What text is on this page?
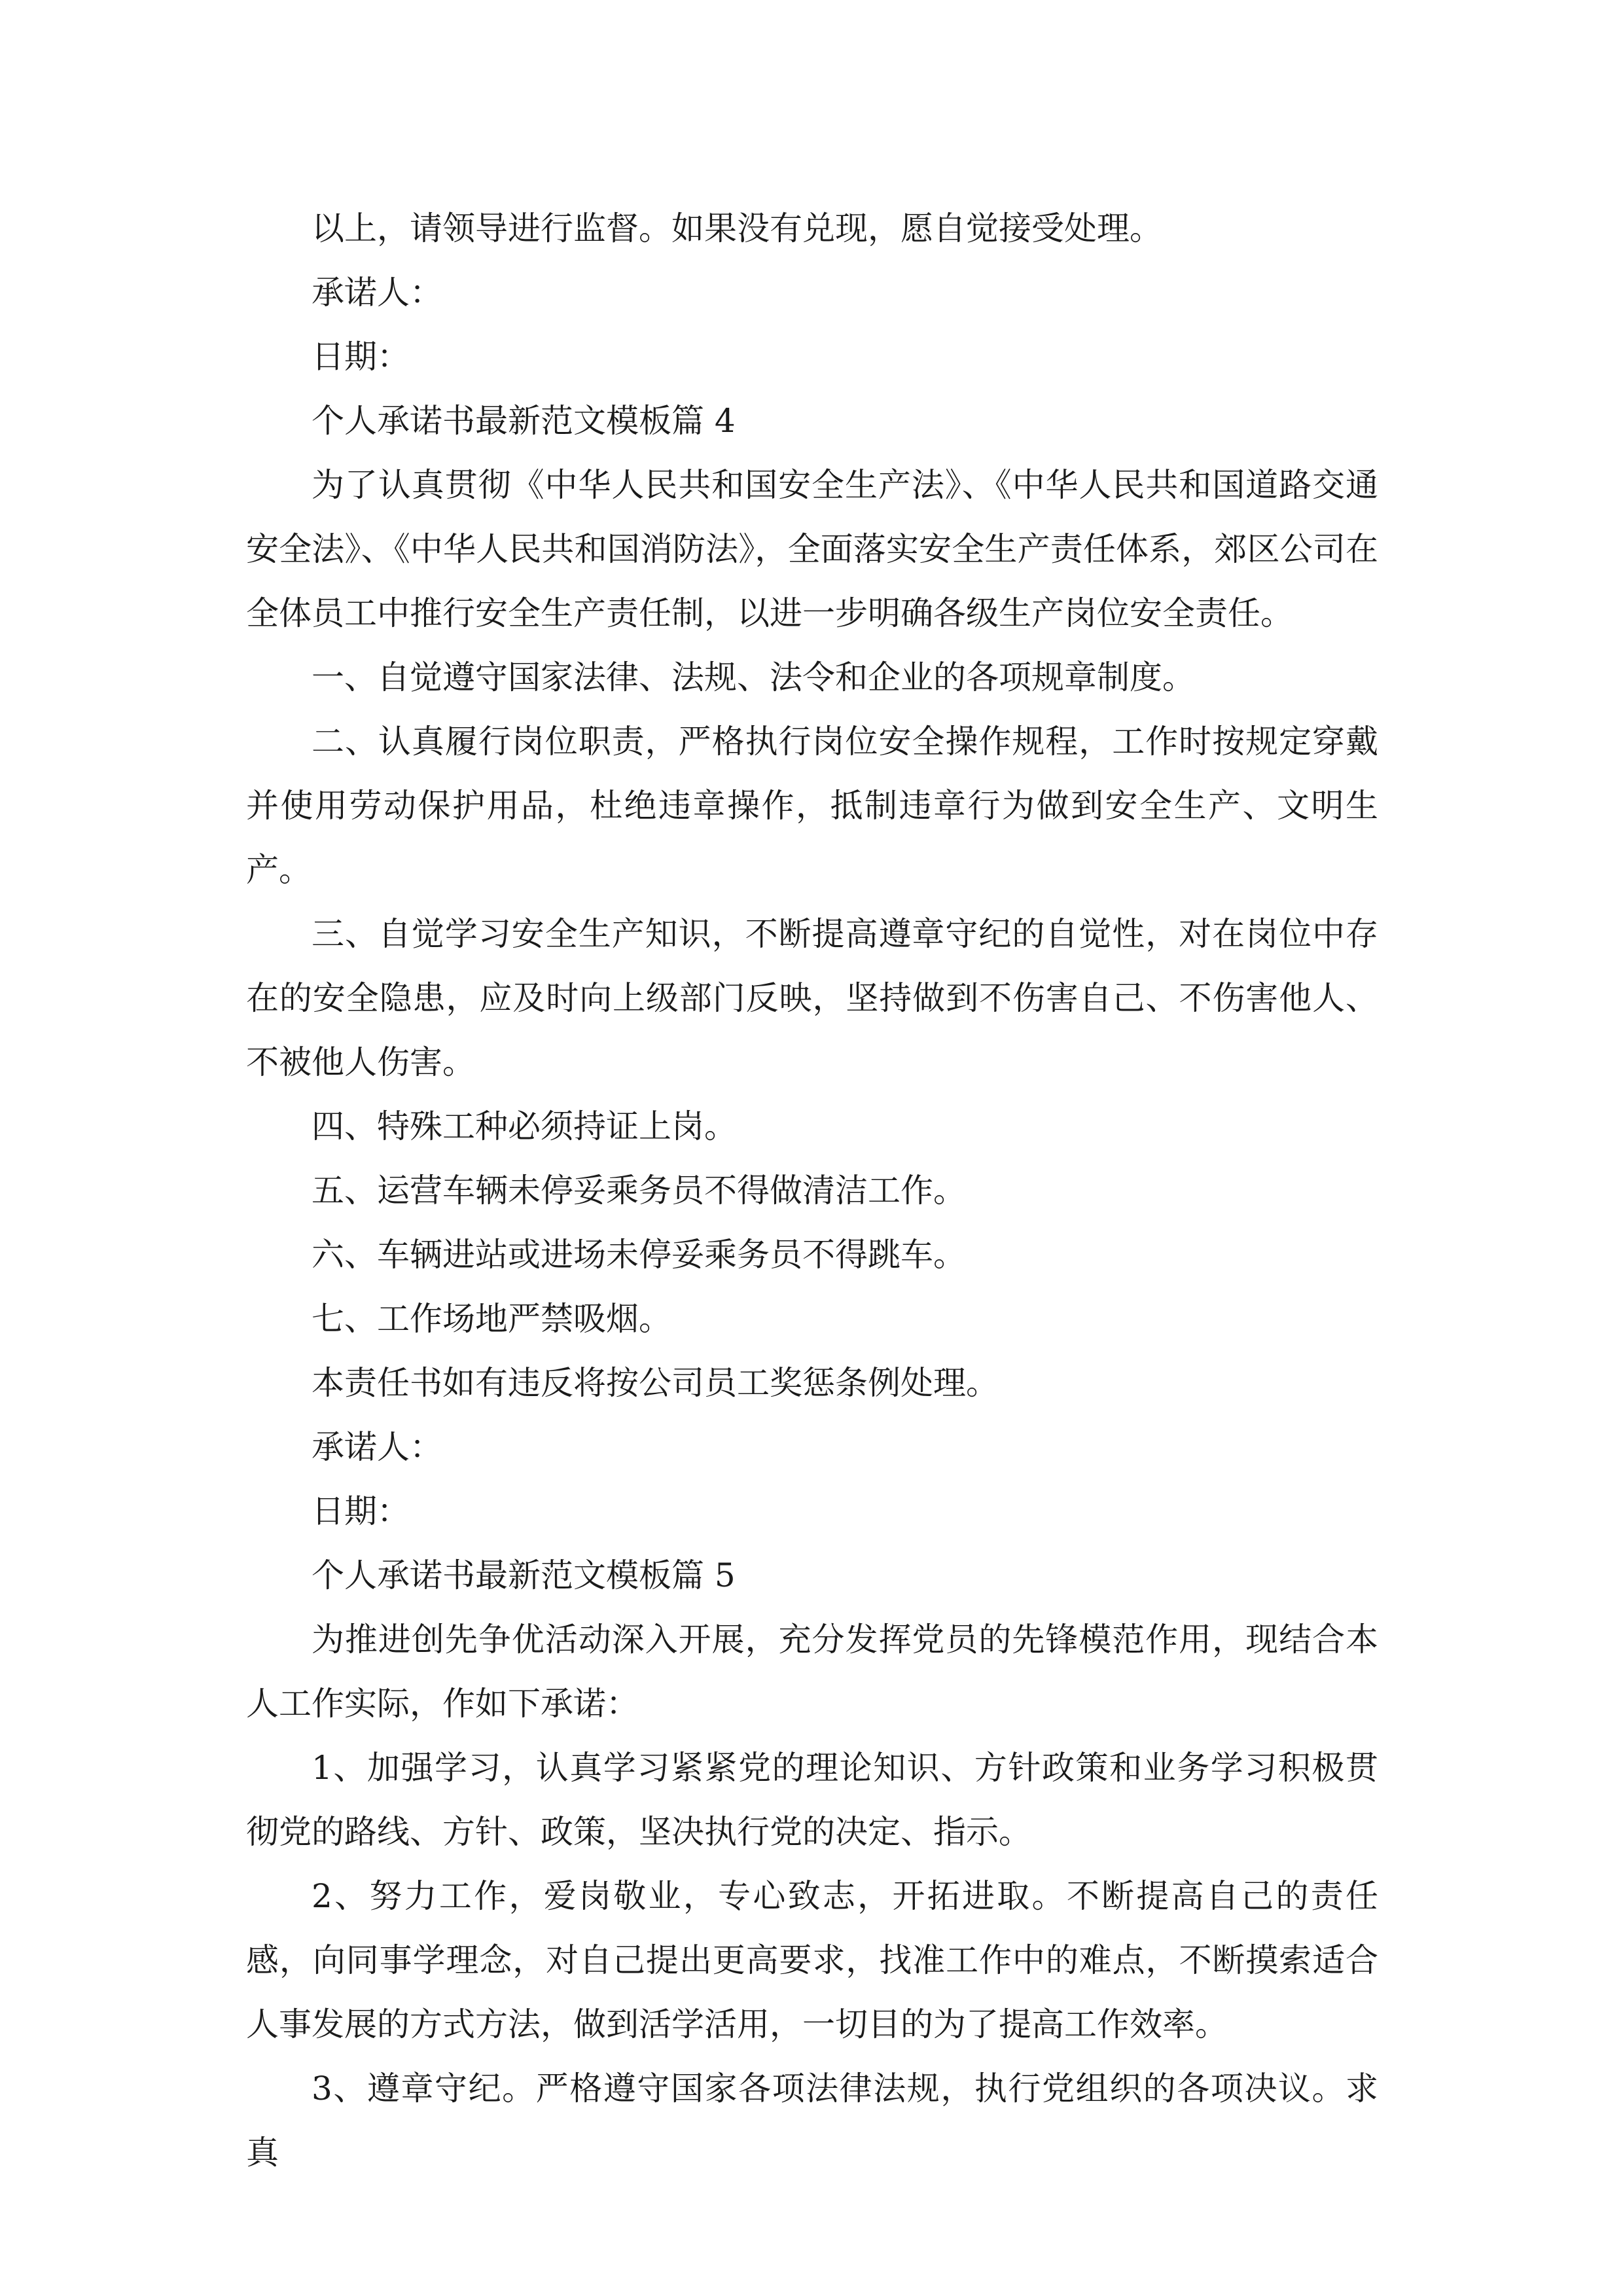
以上，请领导进行监督。如果没有兑现，愿自觉接受处理。

承诺人：

日期：

个人承诺书最新范文模板篇 4

为了认真贯彻《中华人民共和国安全生产法》、《中华人民共和国道路交通安全法》、《中华人民共和国消防法》，全面落实安全生产责任体系，郊区公司在全体员工中推行安全生产责任制，以进一步明确各级生产岗位安全责任。

一、自觉遵守国家法律、法规、法令和企业的各项规章制度。

二、认真履行岗位职责，严格执行岗位安全操作规程，工作时按规定穿戴并使用劳动保护用品，杜绝违章操作，抵制违章行为做到安全生产、文明生产。

三、自觉学习安全生产知识，不断提高遵章守纪的自觉性，对在岗位中存在的安全隐患，应及时向上级部门反映，坚持做到不伤害自己、不伤害他人、不被他人伤害。

四、特殊工种必须持证上岗。

五、运营车辆未停妥乘务员不得做清洁工作。

六、车辆进站或进场未停妥乘务员不得跳车。

七、工作场地严禁吸烟。

本责任书如有违反将按公司员工奖惩条例处理。

承诺人：

日期：

个人承诺书最新范文模板篇 5

为推进创先争优活动深入开展，充分发挥党员的先锋模范作用，现结合本人工作实际，作如下承诺：

1、加强学习，认真学习紧紧党的理论知识、方针政策和业务学习积极贯彻党的路线、方针、政策，坚决执行党的决定、指示。

2、努力工作，爱岗敬业，专心致志，开拓进取。不断提高自己的责任感，向同事学理念，对自己提出更高要求，找准工作中的难点，不断摸索适合人事发展的方式方法，做到活学活用，一切目的为了提高工作效率。

3、遵章守纪。严格遵守国家各项法律法规，执行党组织的各项决议。求真
